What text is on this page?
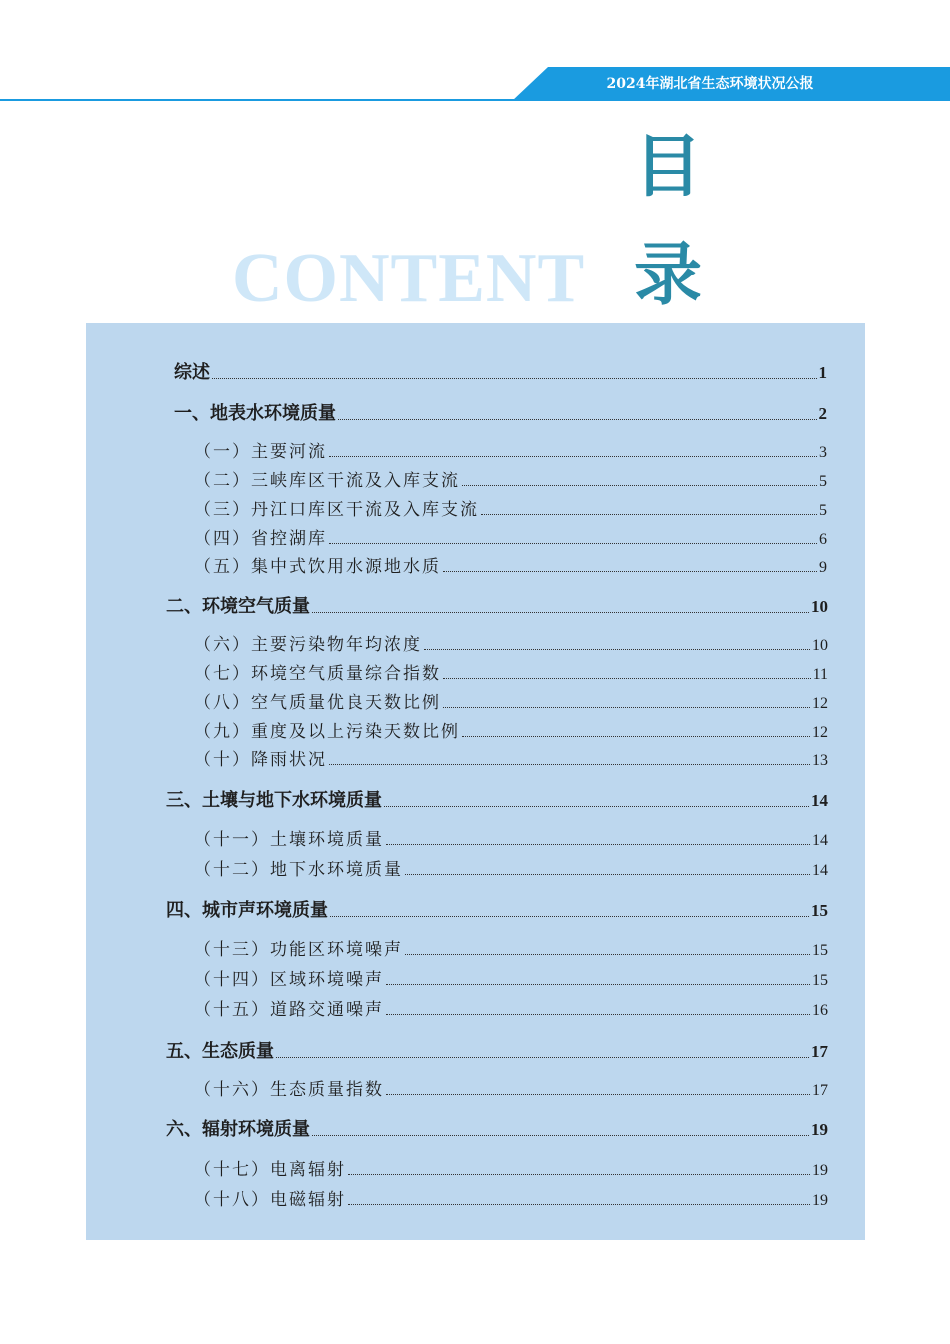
2024年湖北省生态环境状况公报
目
录
CONTENT
综述	1
一、地表水环境质量	2
（一）主要河流	3
（二）三峡库区干流及入库支流	5
（三）丹江口库区干流及入库支流	5
（四）省控湖库	6
（五）集中式饮用水源地水质	9
二、环境空气质量	10
（六）主要污染物年均浓度	10
（七）环境空气质量综合指数	11
（八）空气质量优良天数比例	12
（九）重度及以上污染天数比例	12
（十）降雨状况	13
三、土壤与地下水环境质量	14
（十一）土壤环境质量	14
（十二）地下水环境质量	14
四、城市声环境质量	15
（十三）功能区环境噪声	15
（十四）区域环境噪声	15
（十五）道路交通噪声	16
五、生态质量	17
（十六）生态质量指数	17
六、辐射环境质量	19
（十七）电离辐射	19
（十八）电磁辐射	19
